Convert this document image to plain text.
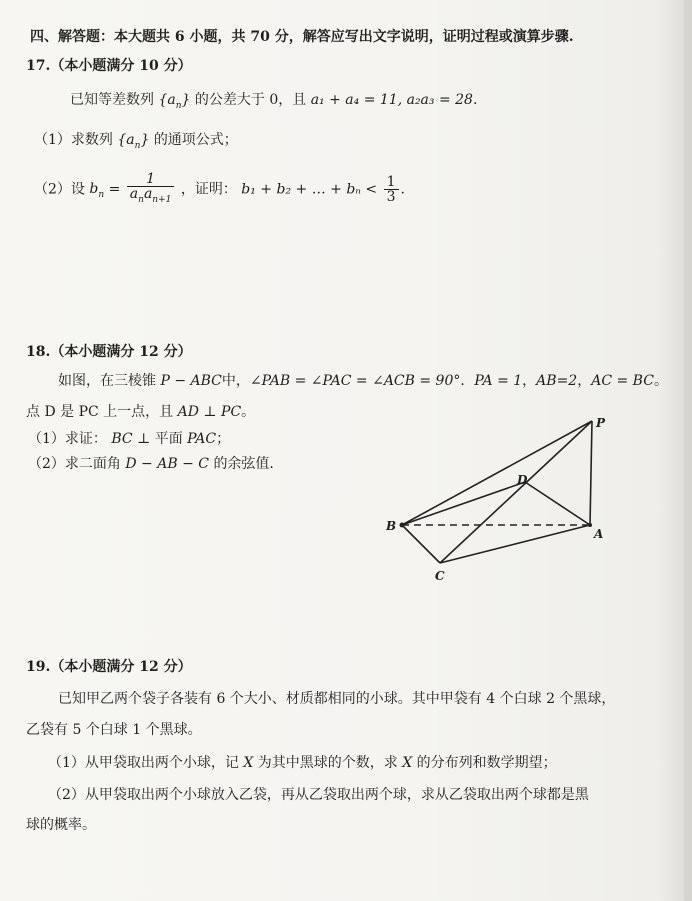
四、解答题：本大题共 6 小题，共 70 分，解答应写出文字说明，证明过程或演算步骤.
17.（本小题满分 10 分）
已知等差数列 $\{a_n\}$ 的公差大于 0，且 a₁ + a₄ = 11, a₂a₃ = 28.
（1）求数列 $\{a_n\}$ 的通项公式；
（2）设 $b_n = \frac{1}{a_na_{n+1}}$ ，证明： b₁ + b₂ + … + $b_n < \frac{1}{3}$ .
18.（本小题满分 12 分）
如图，在三棱锥 P − ABC中，∠PAB = ∠PAC = ∠ACB = 90°．PA = 1，AB=2，AC = BC。
点 D 是 PC 上一点，且 AD ⊥ PC。
（1）求证： BC ⊥ 平面 PAC；
（2）求二面角 D − AB − C 的余弦值.
P
D
B
A
C
19.（本小题满分 12 分）
已知甲乙两个袋子各装有 6 个大小、材质都相同的小球。其中甲袋有 4 个白球 2 个黑球，
乙袋有 5 个白球 1 个黑球。
（1）从甲袋取出两个小球，记 X 为其中黑球的个数，求 X 的分布列和数学期望；
（2）从甲袋取出两个小球放入乙袋，再从乙袋取出两个球，求从乙袋取出两个球都是黑
球的概率。
